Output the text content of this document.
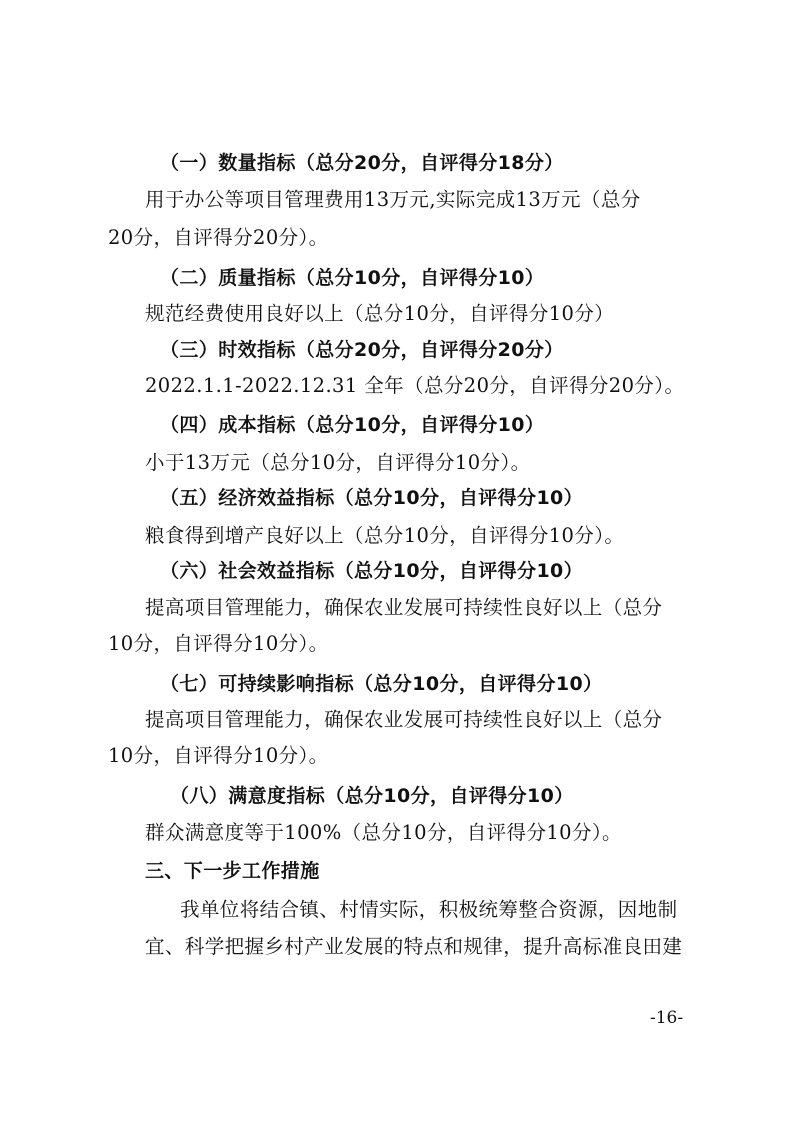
（一）数量指标（总分20分，自评得分18分）
用于办公等项目管理费用13万元,实际完成13万元（总分
20分，自评得分20分）。
（二）质量指标（总分10分，自评得分10）
规范经费使用良好以上（总分10分，自评得分10分）
（三）时效指标（总分20分，自评得分20分）
2022.1.1-2022.12.31 全年（总分20分，自评得分20分）。
（四）成本指标（总分10分，自评得分10）
小于13万元（总分10分，自评得分10分）。
（五）经济效益指标（总分10分，自评得分10）
粮食得到增产良好以上（总分10分，自评得分10分）。
（六）社会效益指标（总分10分，自评得分10）
提高项目管理能力，确保农业发展可持续性良好以上（总分
10分，自评得分10分）。
（七）可持续影响指标（总分10分，自评得分10）
提高项目管理能力，确保农业发展可持续性良好以上（总分
10分，自评得分10分）。
（八）满意度指标（总分10分，自评得分10）
群众满意度等于100%（总分10分，自评得分10分）。
三、下一步工作措施
我单位将结合镇、村情实际，积极统筹整合资源，因地制
宜、科学把握乡村产业发展的特点和规律，提升高标准良田建
-16-
